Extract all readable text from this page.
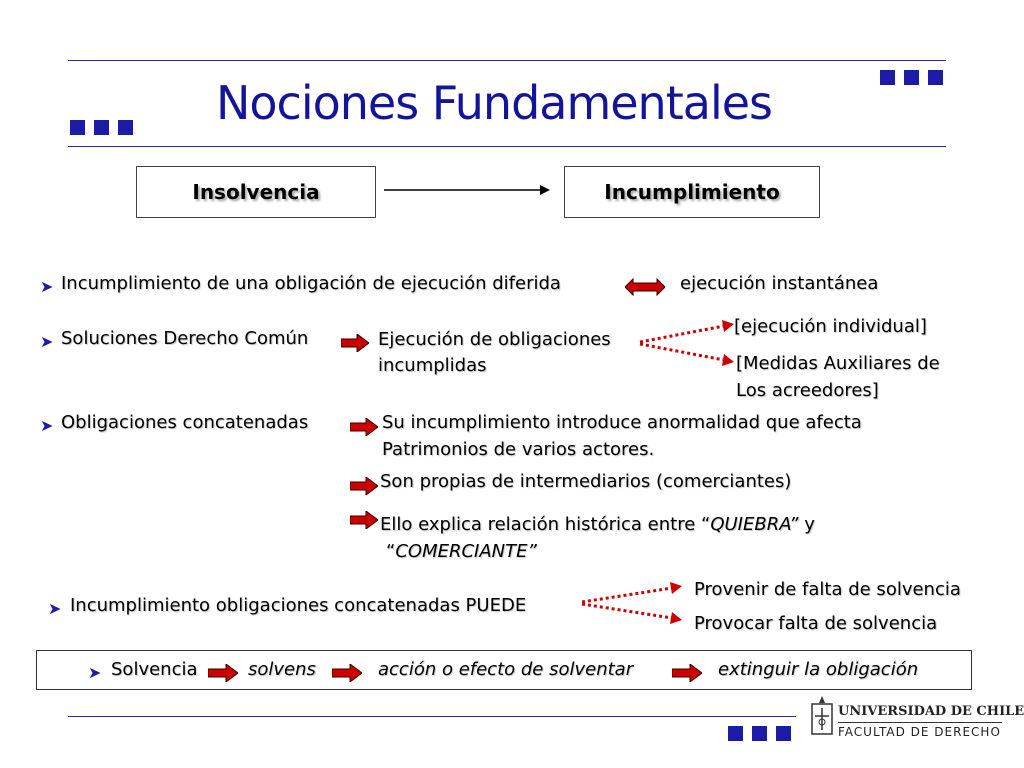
Nociones Fundamentales
Insolvencia	Incumplimiento
➤ Incumplimiento de una obligación de ejecución diferida	ejecución instantánea
➤ Soluciones Derecho Común	Ejecución de obligaciones
incumplidas
[ejecución individual]
[Medidas Auxiliares de
Los acreedores]
➤ Obligaciones concatenadas	Su incumplimiento introduce anormalidad que afecta
Patrimonios de varios actores.
Son propias de intermediarios (comerciantes)
Ello explica relación histórica entre “QUIEBRA” y
“COMERCIANTE”
➤ Incumplimiento obligaciones concatenadas PUEDE
Provenir de falta de solvencia
Provocar falta de solvencia
➤ Solvencia	solvens	acción o efecto de solventar	extinguir la obligación
UNIVERSIDAD DE CHILE
FACULTAD DE DERECHO
